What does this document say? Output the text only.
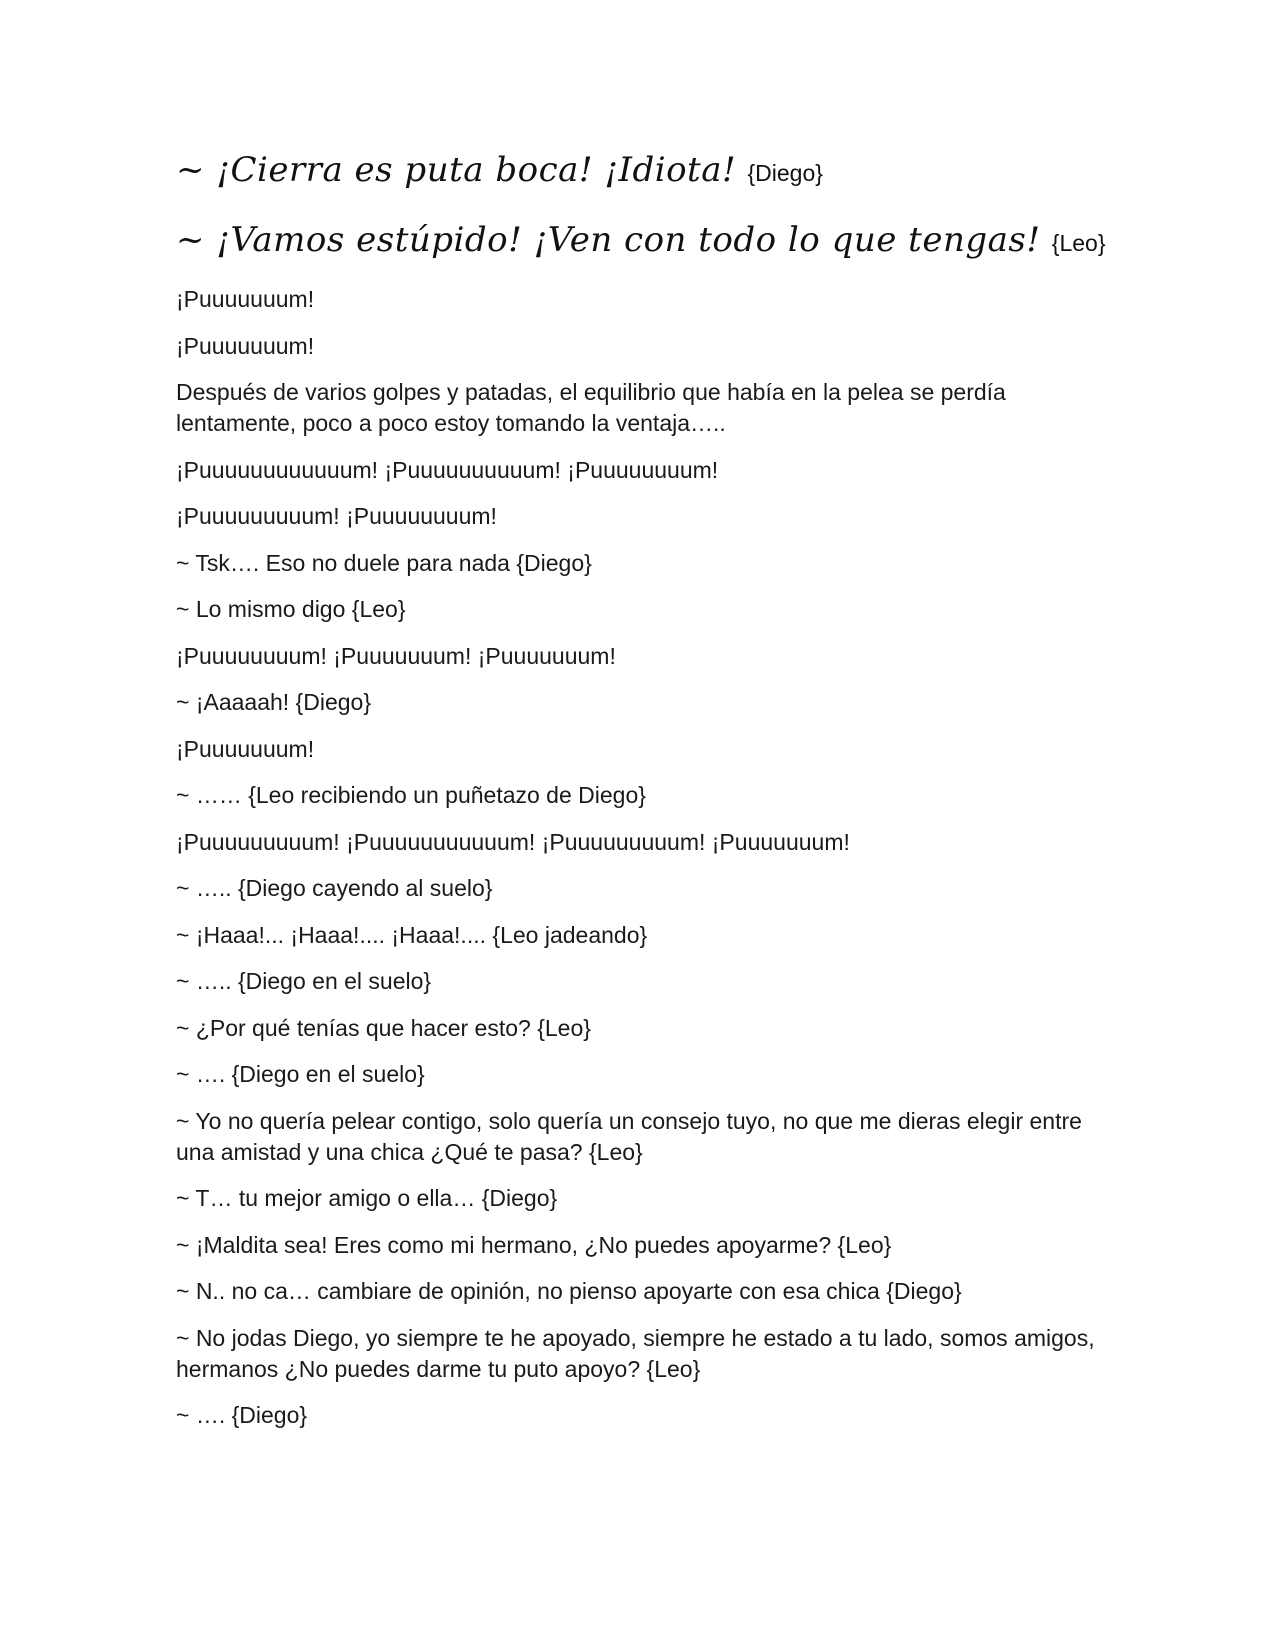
~ ¡Cierra es puta boca! ¡Idiota! {Diego}

~ ¡Vamos estúpido! ¡Ven con todo lo que tengas! {Leo}

¡Puuuuuuum!

¡Puuuuuuum!

Después de varios golpes y patadas, el equilibrio que había en la pelea se perdía lentamente, poco a poco estoy tomando la ventaja…..

¡Puuuuuuuuuuuum! ¡Puuuuuuuuuum! ¡Puuuuuuuum!

¡Puuuuuuuuum! ¡Puuuuuuuum!

~ Tsk…. Eso no duele para nada {Diego}

~ Lo mismo digo {Leo}

¡Puuuuuuuum! ¡Puuuuuuum! ¡Puuuuuuum!

~ ¡Aaaaah! {Diego}

¡Puuuuuuum!

~ …… {Leo recibiendo un puñetazo de Diego}

¡Puuuuuuuuum! ¡Puuuuuuuuuuum! ¡Puuuuuuuuum! ¡Puuuuuuum!

~ ….. {Diego cayendo al suelo}

~ ¡Haaa!... ¡Haaa!.... ¡Haaa!.... {Leo jadeando}

~ ….. {Diego en el suelo}

~ ¿Por qué tenías que hacer esto? {Leo}

~ …. {Diego en el suelo}

~ Yo no quería pelear contigo, solo quería un consejo tuyo, no que me dieras elegir entre una amistad y una chica ¿Qué te pasa? {Leo}

~ T… tu mejor amigo o ella… {Diego}

~ ¡Maldita sea! Eres como mi hermano, ¿No puedes apoyarme? {Leo}

~ N.. no ca… cambiare de opinión, no pienso apoyarte con esa chica {Diego}

~ No jodas Diego, yo siempre te he apoyado, siempre he estado a tu lado, somos amigos, hermanos ¿No puedes darme tu puto apoyo? {Leo}

~ …. {Diego}
